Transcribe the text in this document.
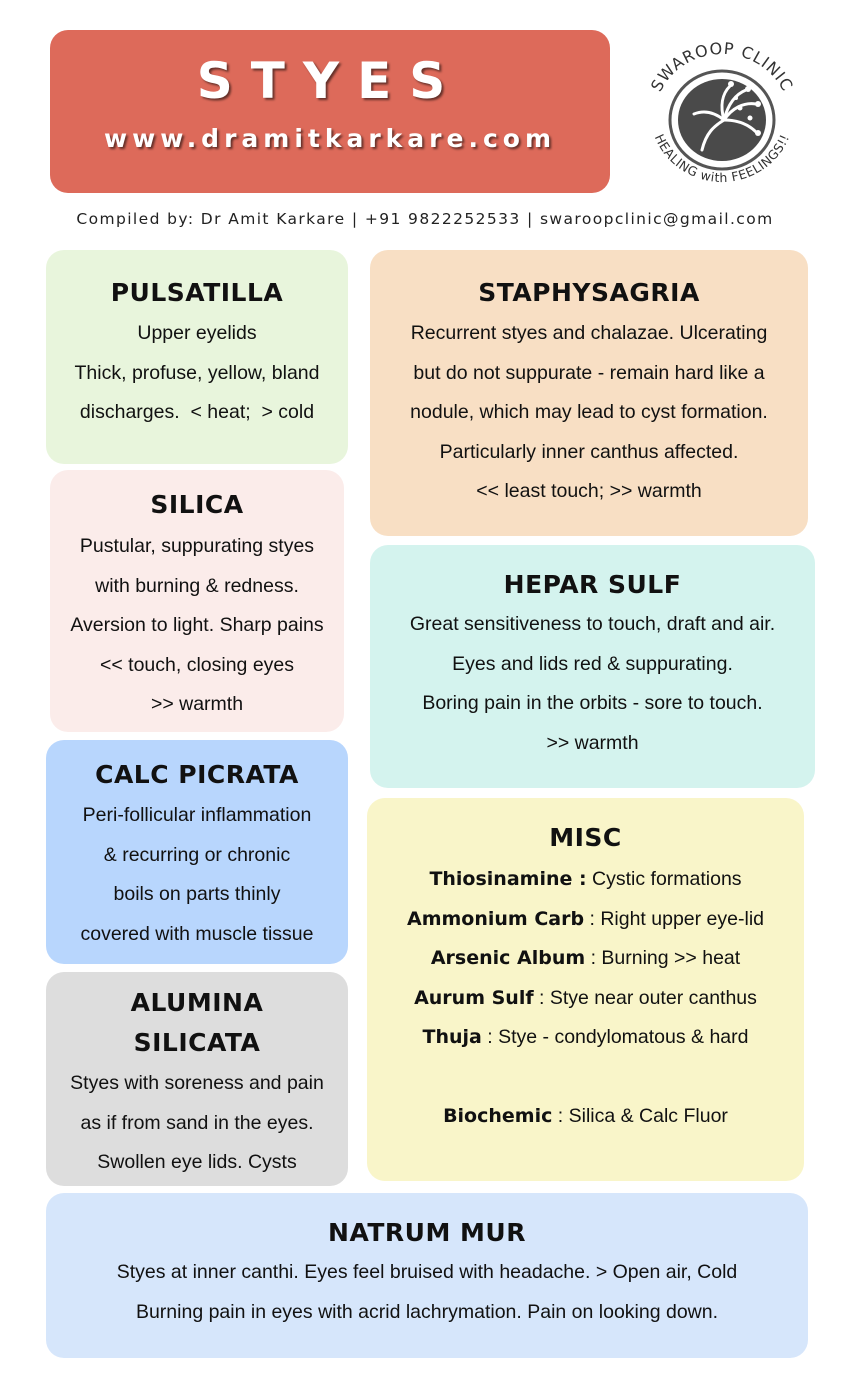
STYES
www.dramitkarkare.com
SWAROOP CLINIC
HEALING with FEELINGS!!
Compiled by: Dr Amit Karkare | +91 9822252533 | swaroopclinic@gmail.com
PULSATILLA

Upper eyelids

Thick, profuse, yellow, bland

discharges.  < heat;  > cold

STAPHYSAGRIA

Recurrent styes and chalazae. Ulcerating

but do not suppurate - remain hard like a

nodule, which may lead to cyst formation.

Particularly inner canthus affected.

<< least touch; >> warmth

SILICA

Pustular, suppurating styes

with burning & redness.

Aversion to light. Sharp pains

<< touch, closing eyes

>> warmth

HEPAR SULF

Great sensitiveness to touch, draft and air.

Eyes and lids red & suppurating.

Boring pain in the orbits - sore to touch.

>> warmth

CALC PICRATA

Peri-follicular inflammation

& recurring or chronic

boils on parts thinly

covered with muscle tissue

MISC

Thiosinamine : Cystic formations

Ammonium Carb : Right upper eye-lid

Arsenic Album : Burning >> heat

Aurum Sulf : Stye near outer canthus

Thuja : Stye - condylomatous & hard

Biochemic : Silica & Calc Fluor

ALUMINA
SILICATA

Styes with soreness and pain

as if from sand in the eyes.

Swollen eye lids. Cysts

NATRUM MUR

Styes at inner canthi. Eyes feel bruised with headache. > Open air, Cold

Burning pain in eyes with acrid lachrymation. Pain on looking down.
